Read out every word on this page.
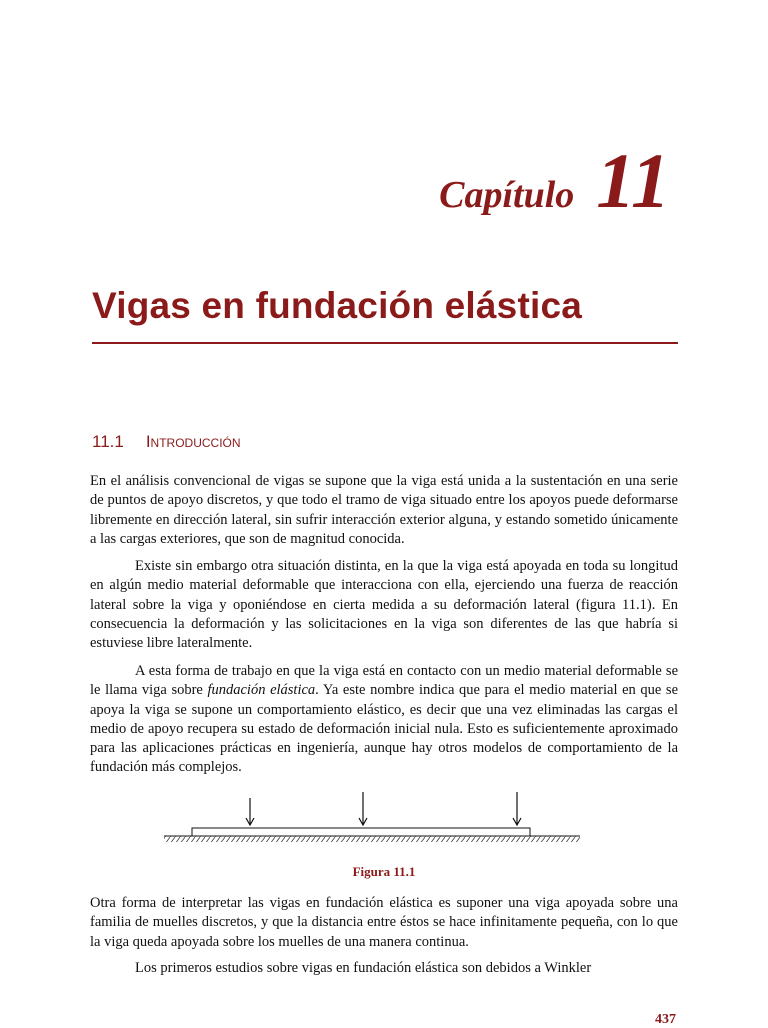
Capítulo 11
Vigas en fundación elástica
11.1 Introducción

En el análisis convencional de vigas se supone que la viga está unida a la sustentación en una serie de puntos de apoyo discretos, y que todo el tramo de viga situado entre los apoyos puede deformarse libremente en dirección lateral, sin sufrir interacción exterior alguna, y estando sometido únicamente a las cargas exteriores, que son de magnitud conocida.

Existe sin embargo otra situación distinta, en la que la viga está apoyada en toda su longitud en algún medio material deformable que interacciona con ella, ejerciendo una fuerza de reacción lateral sobre la viga y oponiéndose en cierta medida a su deformación lateral (figura 11.1). En consecuencia la deformación y las solicitaciones en la viga son diferentes de las que habría si estuviese libre lateralmente.

A esta forma de trabajo en que la viga está en contacto con un medio material deformable se le llama viga sobre fundación elástica. Ya este nombre indica que para el medio material en que se apoya la viga se supone un comportamiento elástico, es decir que una vez eliminadas las cargas el medio de apoyo recupera su estado de deformación inicial nula. Esto es suficientemente aproximado para las aplicaciones prácticas en ingeniería, aunque hay otros modelos de comportamiento de la fundación más complejos.

Figura 11.1

Otra forma de interpretar las vigas en fundación elástica es suponer una viga apoyada sobre una familia de muelles discretos, y que la distancia entre éstos se hace infinitamente pequeña, con lo que la viga queda apoyada sobre los muelles de una manera continua.

Los primeros estudios sobre vigas en fundación elástica son debidos a Winkler

437
